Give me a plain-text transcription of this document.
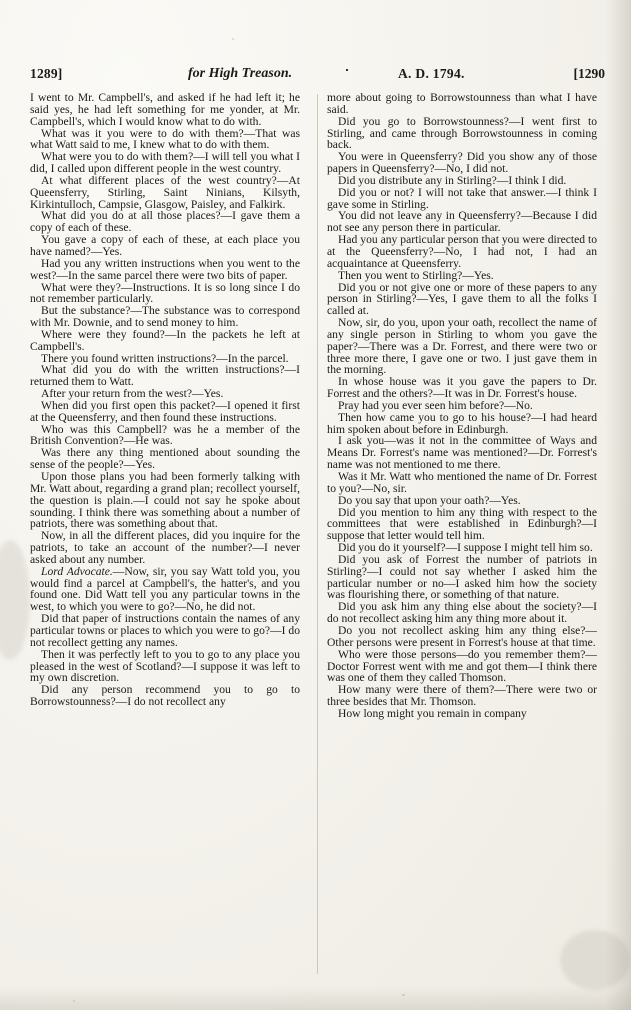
1289]	for High Treason.	A. D. 1794.	[1290

I went to Mr. Campbell's, and asked if he had left it; he said yes, he had left something for me yonder, at Mr. Campbell's, which I would know what to do with.

What was it you were to do with them?—That was what Watt said to me, I knew what to do with them.

What were you to do with them?—I will tell you what I did, I called upon different people in the west country.

At what different places of the west country?—At Queensferry, Stirling, Saint Ninians, Kilsyth, Kirkintulloch, Campsie, Glasgow, Paisley, and Falkirk.

What did you do at all those places?—I gave them a copy of each of these.

You gave a copy of each of these, at each place you have named?—Yes.

Had you any written instructions when you went to the west?—In the same parcel there were two bits of paper.

What were they?—Instructions. It is so long since I do not remember particularly.

But the substance?—The substance was to correspond with Mr. Downie, and to send money to him.

Where were they found?—In the packets he left at Campbell's.

There you found written instructions?—In the parcel.

What did you do with the written instructions?—I returned them to Watt.

After your return from the west?—Yes.

When did you first open this packet?—I opened it first at the Queensferry, and then found these instructions.

Who was this Campbell? was he a member of the British Convention?—He was.

Was there any thing mentioned about sounding the sense of the people?—Yes.

Upon those plans you had been formerly talking with Mr. Watt about, regarding a grand plan; recollect yourself, the question is plain.—I could not say he spoke about sounding. I think there was something about a number of patriots, there was something about that.

Now, in all the different places, did you inquire for the patriots, to take an account of the number?—I never asked about any number.

Lord Advocate.—Now, sir, you say Watt told you, you would find a parcel at Campbell's, the hatter's, and you found one. Did Watt tell you any particular towns in the west, to which you were to go?—No, he did not.

Did that paper of instructions contain the names of any particular towns or places to which you were to go?—I do not recollect getting any names.

Then it was perfectly left to you to go to any place you pleased in the west of Scotland?—I suppose it was left to my own discretion.

Did any person recommend you to go to Borrowstounness?—I do not recollect any

more about going to Borrowstounness than what I have said.

Did you go to Borrowstounness?—I went first to Stirling, and came through Borrowstounness in coming back.

You were in Queensferry? Did you show any of those papers in Queensferry?—No, I did not.

Did you distribute any in Stirling?—I think I did.

Did you or not? I will not take that answer.—I think I gave some in Stirling.

You did not leave any in Queensferry?—Because I did not see any person there in particular.

Had you any particular person that you were directed to at the Queensferry?—No, I had not, I had an acquaintance at Queensferry.

Then you went to Stirling?—Yes.

Did you or not give one or more of these papers to any person in Stirling?—Yes, I gave them to all the folks I called at.

Now, sir, do you, upon your oath, recollect the name of any single person in Stirling to whom you gave the paper?—There was a Dr. Forrest, and there were two or three more there, I gave one or two. I just gave them in the morning.

In whose house was it you gave the papers to Dr. Forrest and the others?—It was in Dr. Forrest's house.

Pray had you ever seen him before?—No.

Then how came you to go to his house?—I had heard him spoken about before in Edinburgh.

I ask you—was it not in the committee of Ways and Means Dr. Forrest's name was mentioned?—Dr. Forrest's name was not mentioned to me there.

Was it Mr. Watt who mentioned the name of Dr. Forrest to you?—No, sir.

Do you say that upon your oath?—Yes.

Did you mention to him any thing with respect to the committees that were established in Edinburgh?—I suppose that letter would tell him.

Did you do it yourself?—I suppose I might tell him so.

Did you ask of Forrest the number of patriots in Stirling?—I could not say whether I asked him the particular number or no—I asked him how the society was flourishing there, or something of that nature.

Did you ask him any thing else about the society?—I do not recollect asking him any thing more about it.

Do you not recollect asking him any thing else?—Other persons were present in Forrest's house at that time.

Who were those persons—do you remember them?—Doctor Forrest went with me and got them—I think there was one of them they called Thomson.

How many were there of them?—There were two or three besides that Mr. Thomson.

How long might you remain in company
